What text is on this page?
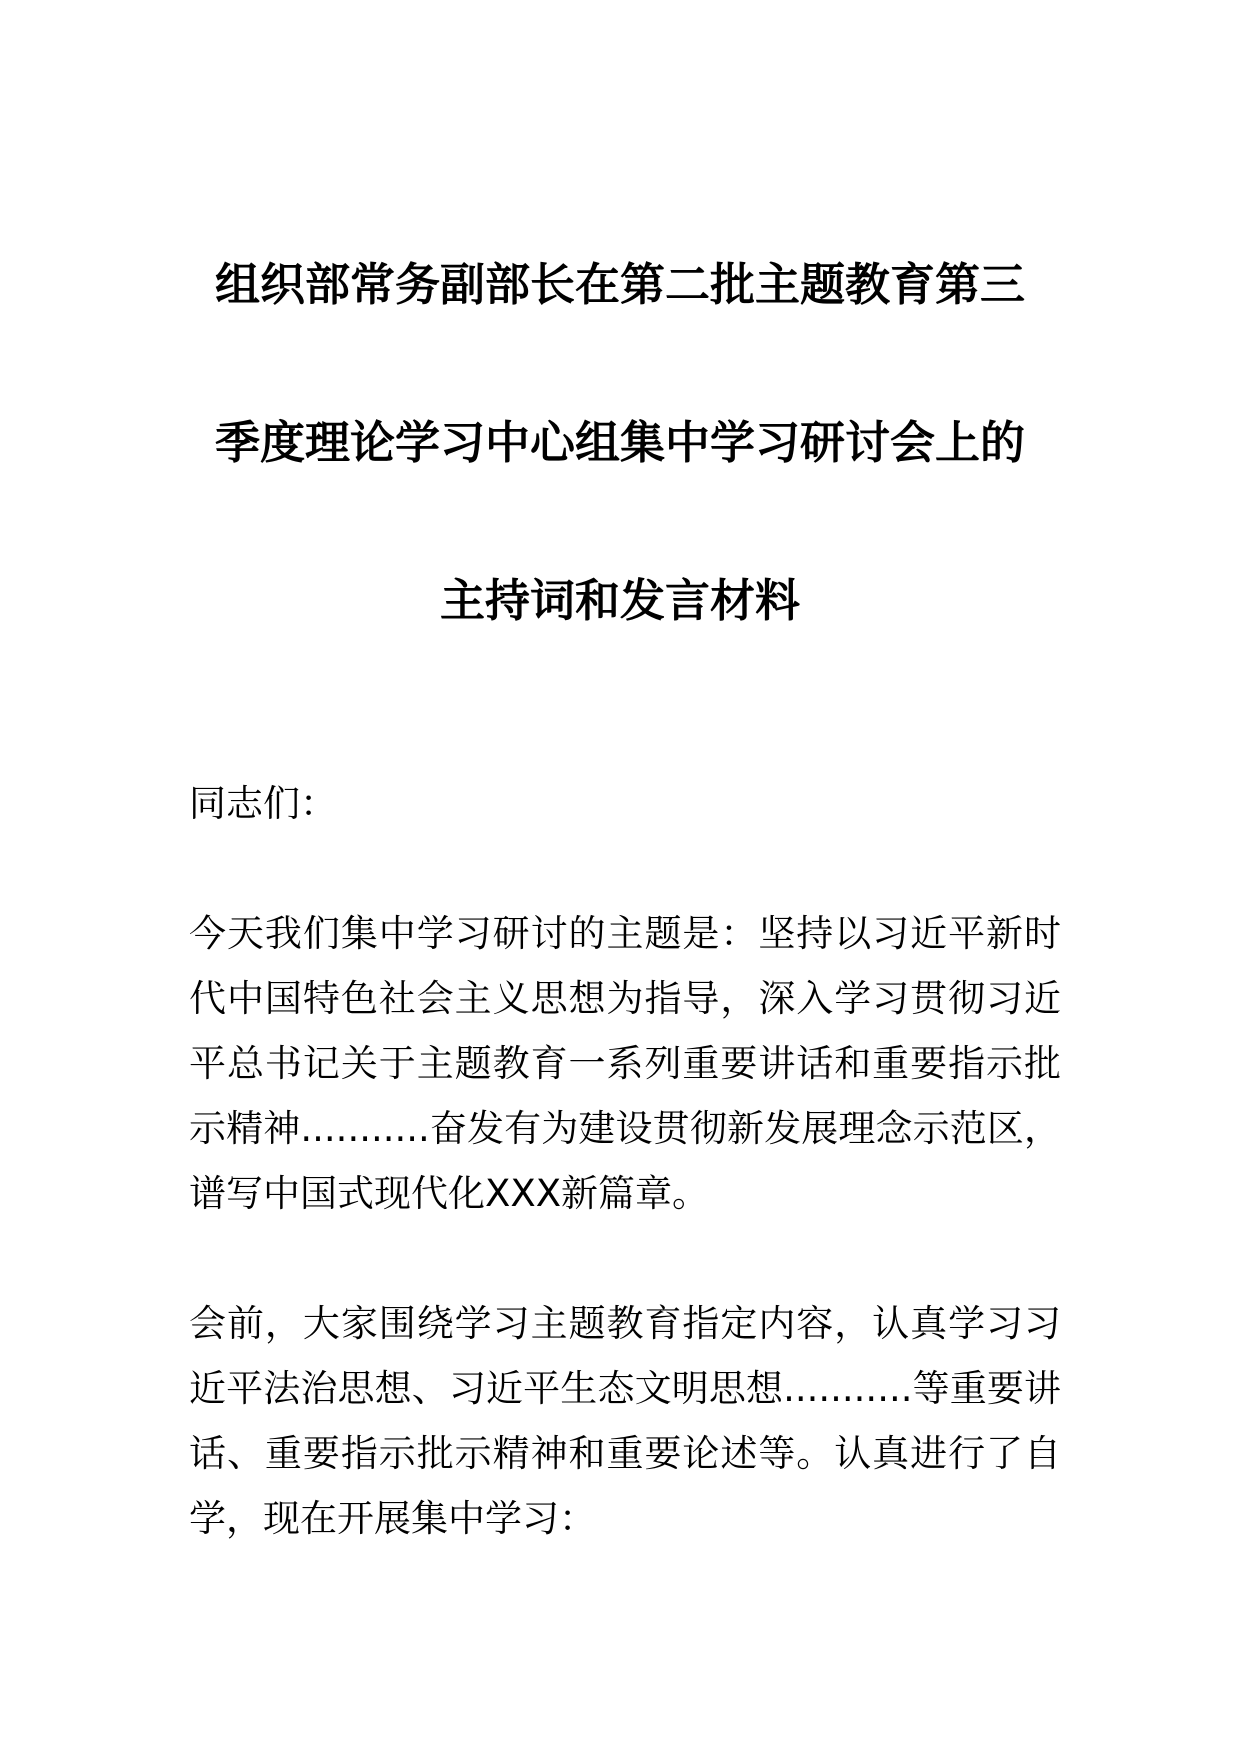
组织部常务副部长在第二批主题教育第三
季度理论学习中心组集中学习研讨会上的
主持词和发言材料

同志们：

今天我们集中学习研讨的主题是：坚持以习近平新时代中国特色社会主义思想为指导，深入学习贯彻习近平总书记关于主题教育一系列重要讲话和重要指示批示精神...........奋发有为建设贯彻新发展理念示范区，谱写中国式现代化XXX新篇章。

会前，大家围绕学习主题教育指定内容，认真学习习近平法治思想、习近平生态文明思想...........等重要讲话、重要指示批示精神和重要论述等。认真进行了自学，现在开展集中学习：
